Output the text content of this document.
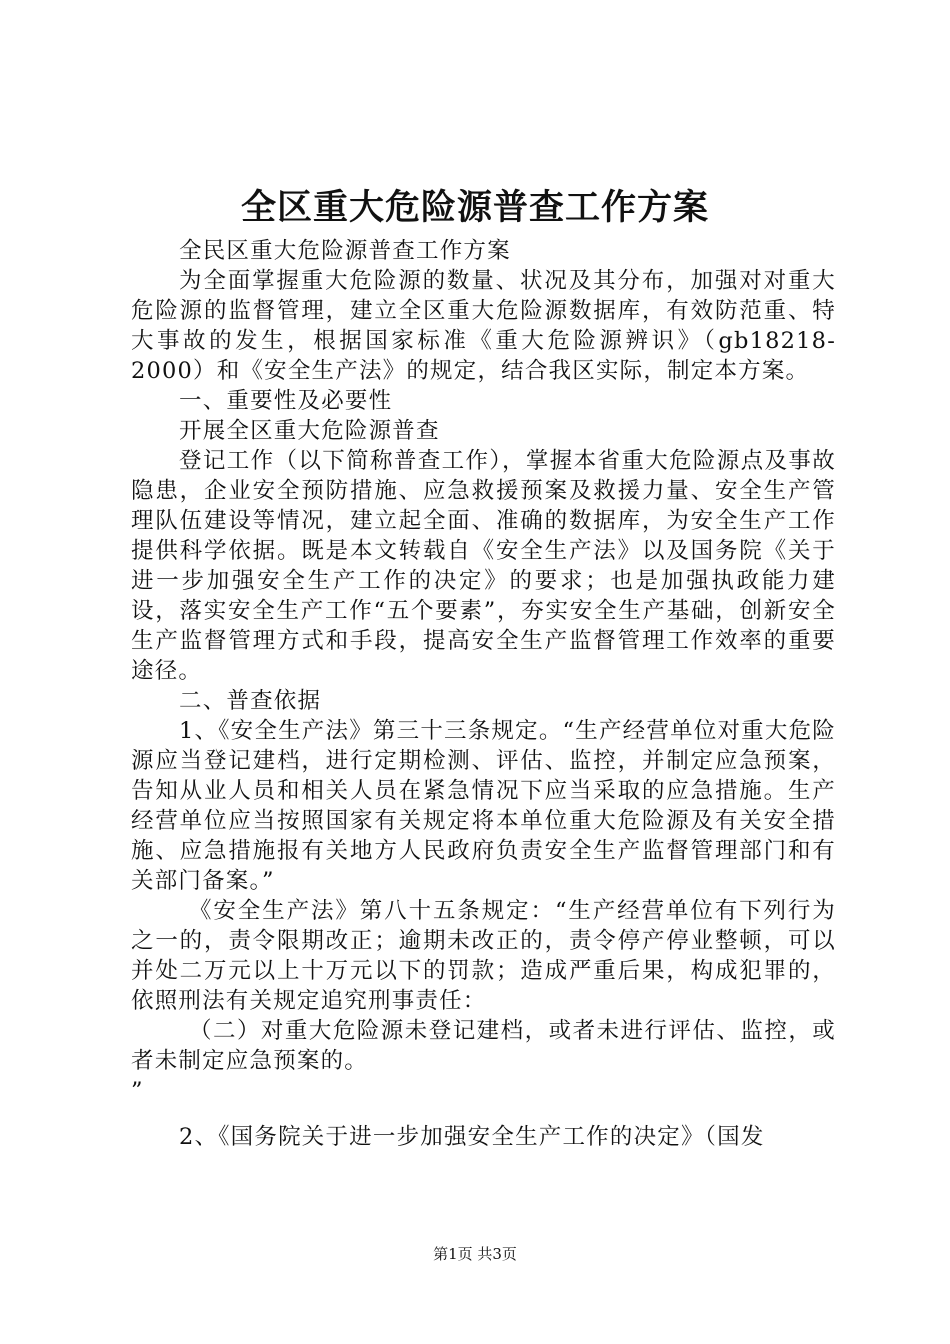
全区重大危险源普查工作方案

全民区重大危险源普查工作方案

为全面掌握重大危险源的数量、状况及其分布，加强对对重大危险源的监督管理，建立全区重大危险源数据库，有效防范重、特大事故的发生，根据国家标准《重大危险源辨识》（gb18218-2000）和《安全生产法》的规定，结合我区实际，制定本方案。

一、重要性及必要性

开展全区重大危险源普查

登记工作（以下简称普查工作），掌握本省重大危险源点及事故隐患，企业安全预防措施、应急救援预案及救援力量、安全生产管理队伍建设等情况，建立起全面、准确的数据库，为安全生产工作提供科学依据。既是本文转载自《安全生产法》以及国务院《关于进一步加强安全生产工作的决定》的要求；也是加强执政能力建设，落实安全生产工作“五个要素”，夯实安全生产基础，创新安全生产监督管理方式和手段，提高安全生产监督管理工作效率的重要途径。

二、普查依据

1、《安全生产法》第三十三条规定。“生产经营单位对重大危险源应当登记建档，进行定期检测、评估、监控，并制定应急预案，告知从业人员和相关人员在紧急情况下应当采取的应急措施。生产经营单位应当按照国家有关规定将本单位重大危险源及有关安全措施、应急措施报有关地方人民政府负责安全生产监督管理部门和有关部门备案。”

《安全生产法》第八十五条规定：“生产经营单位有下列行为之一的，责令限期改正；逾期未改正的，责令停产停业整顿，可以并处二万元以上十万元以下的罚款；造成严重后果，构成犯罪的，依照刑法有关规定追究刑事责任：

（二）对重大危险源未登记建档，或者未进行评估、监控，或者未制定应急预案的。

”

2、《国务院关于进一步加强安全生产工作的决定》（国发

第1页 共3页
